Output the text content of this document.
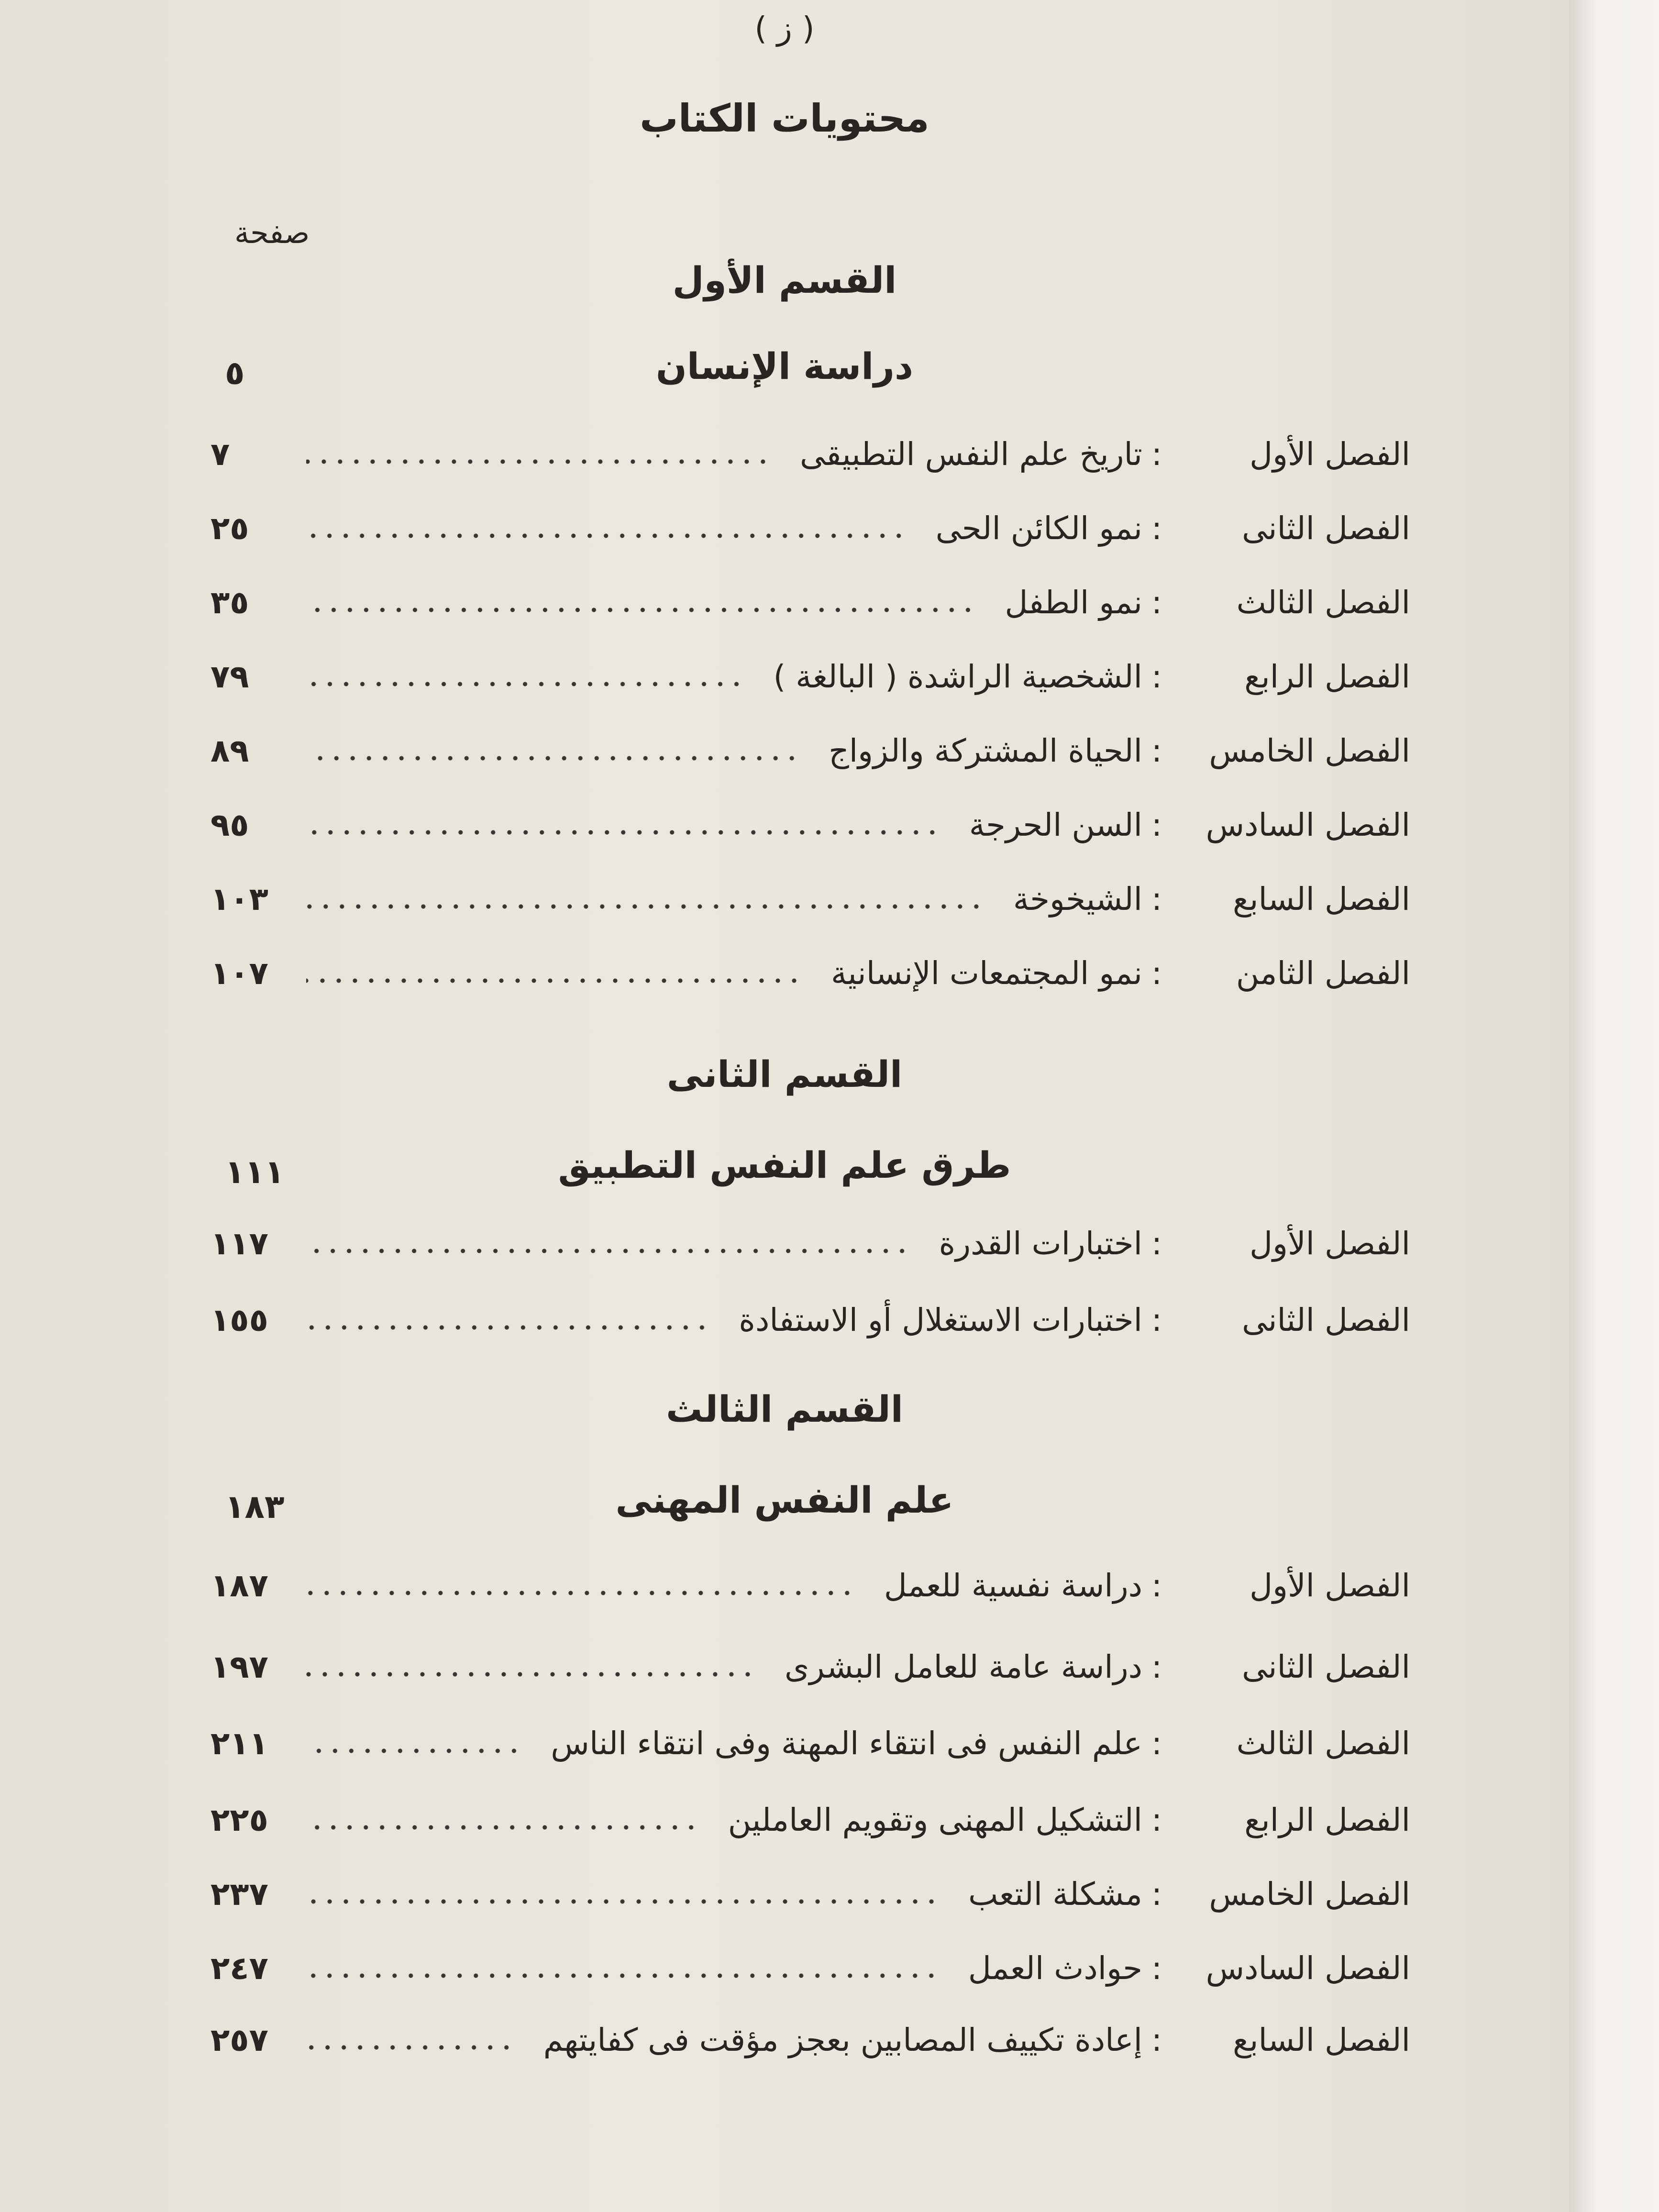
( ز )
محتويات الكتاب
صفحة
القسم الأول
دراسة الإنسان
٥
الفصل الأول
:
تاريخ علم النفس التطبيقى
٧
الفصل الثانى
:
نمو الكائن الحى
٢٥
الفصل الثالث
:
نمو الطفل
٣٥
الفصل الرابع
:
الشخصية الراشدة ( البالغة )
٧٩
الفصل الخامس
:
الحياة المشتركة والزواج
٨٩
الفصل السادس
:
السن الحرجة
٩٥
الفصل السابع
:
الشيخوخة
١٠٣
الفصل الثامن
:
نمو المجتمعات الإنسانية
١٠٧
القسم الثانى
طرق علم النفس التطبيق
١١١
الفصل الأول
:
اختبارات القدرة
١١٧
الفصل الثانى
:
اختبارات الاستغلال أو الاستفادة
١٥٥
القسم الثالث
علم النفس المهنى
١٨٣
الفصل الأول
:
دراسة نفسية للعمل
١٨٧
الفصل الثانى
:
دراسة عامة للعامل البشرى
١٩٧
الفصل الثالث
:
علم النفس فى انتقاء المهنة وفى انتقاء الناس
٢١١
الفصل الرابع
:
التشكيل المهنى وتقويم العاملين
٢٢٥
الفصل الخامس
:
مشكلة التعب
٢٣٧
الفصل السادس
:
حوادث العمل
٢٤٧
الفصل السابع
:
إعادة تكييف المصابين بعجز مؤقت فى كفايتهم
٢٥٧
